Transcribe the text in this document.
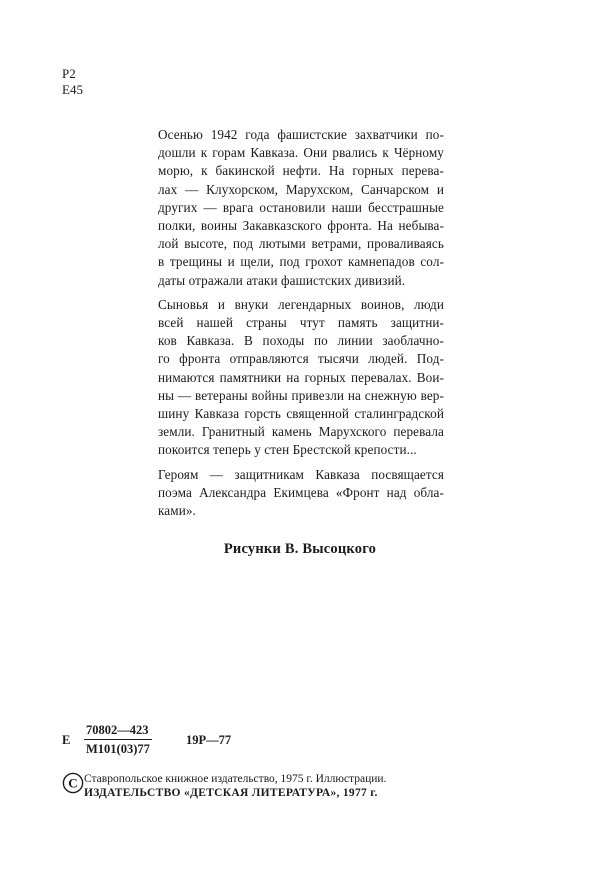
Р2
Е45

Осенью 1942 года фашистские захватчики по-
дошли к горам Кавказа. Они рвались к Чёрному
морю, к бакинской нефти. На горных перева-
лах — Клухорском, Марухском, Санчарском и
других — врага остановили наши бесстрашные
полки, воины Закавказского фронта. На небыва-
лой высоте, под лютыми ветрами, проваливаясь
в трещины и щели, под грохот камнепадов сол-
даты отражали атаки фашистских дивизий.

Сыновья и внуки легендарных воинов, люди
всей нашей страны чтут память защитни-
ков Кавказа. В походы по линии заоблачно-
го фронта отправляются тысячи людей. Под-
нимаются памятники на горных перевалах. Вои-
ны — ветераны войны привезли на снежную вер-
шину Кавказа горсть священной сталинградской
земли. Гранитный камень Марухского перевала
покоится теперь у стен Брестской крепости...

Героям — защитникам Кавказа посвящается
поэма Александра Екимцева «Фронт над обла-
ками».

Рисунки В. Высоцкого
Е
70802—423
М101(03)77
19Р—77
C Ставропольское книжное издательство, 1975 г. Иллюстрации.
ИЗДАТЕЛЬСТВО «ДЕТСКАЯ ЛИТЕРАТУРА», 1977 г.
